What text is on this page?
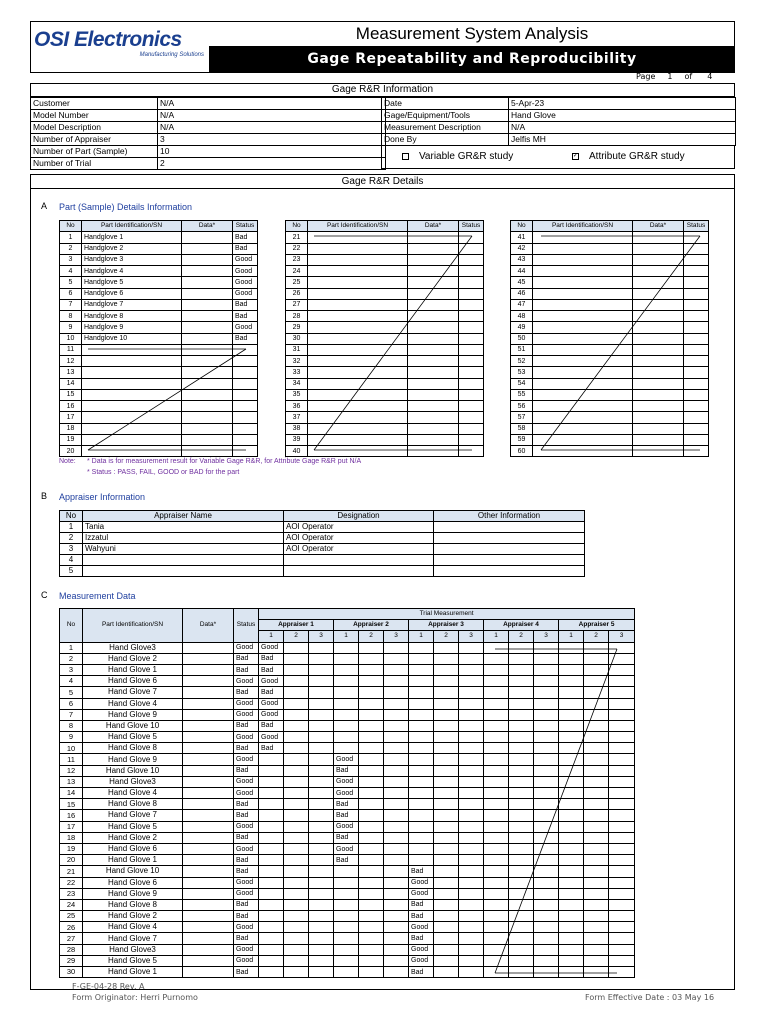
OSI Electronics
Manufacturing Solutions
Measurement System Analysis
Gage Repeatability and Reproducibility
Page 1 of 4
Gage R&R Information
Customer	N/A
Model Number	N/A
Model Description	N/A
Number of Appraiser	3
Number of Part (Sample)	10
Number of Trial	2
Date	5-Apr-23
Gage/Equipment/Tools	Hand Glove
Measurement Description	N/A
Done By	Jelfis MH
Variable GR&R study	✓ Attribute GR&R study
Gage R&R Details
A Part (Sample) Details Information
No	Part Identification/SN	Data*	Status
1	Handglove 1		Bad
2	Handglove 2		Bad
3	Handglove 3		Good
4	Handglove 4		Good
5	Handglove 5		Good
6	Handglove 6		Good
7	Handglove 7		Bad
8	Handglove 8		Bad
9	Handglove 9		Good
10	Handglove 10		Bad
11			
12			
13			
14			
15			
16			
17			
18			
19			
20			
No	Part Identification/SN	Data*	Status
21			
22			
23			
24			
25			
26			
27			
28			
29			
30			
31			
32			
33			
34			
35			
36			
37			
38			
39			
40			
No	Part Identification/SN	Data*	Status
41			
42			
43			
44			
45			
46			
47			
48			
49			
50			
51			
52			
53			
54			
55			
56			
57			
58			
59			
60			
Note: * Data is for measurement result for Variable Gage R&R, for Attribute Gage R&R put N/A
* Status : PASS, FAIL, GOOD or BAD for the part
B Appraiser Information
No	Appraiser Name	Designation	Other Information
1	Tania	AOI Operator	
2	Izzatul	AOI Operator	
3	Wahyuni	AOI Operator	
4			
5			
C Measurement Data
No	Part Identification/SN	Data*	Status	Trial Measurement														
				Appraiser 1			Appraiser 2			Appraiser 3			Appraiser 4			Appraiser 5		
				1	2	3	1	2	3	1	2	3	1	2	3	1	2	3
1	Hand Glove3		Good	Good														
2	Hand Glove 2		Bad	Bad														
3	Hand Glove 1		Bad	Bad														
4	Hand Glove 6		Good	Good														
5	Hand Glove 7		Bad	Bad														
6	Hand Glove 4		Good	Good														
7	Hand Glove 9		Good	Good														
8	Hand Glove 10		Bad	Bad														
9	Hand Glove 5		Good	Good														
10	Hand Glove 8		Bad	Bad														
11	Hand Glove 9		Good				Good											
12	Hand Glove 10		Bad				Bad											
13	Hand Glove3		Good				Good											
14	Hand Glove 4		Good				Good											
15	Hand Glove 8		Bad				Bad											
16	Hand Glove 7		Bad				Bad											
17	Hand Glove 5		Good				Good											
18	Hand Glove 2		Bad				Bad											
19	Hand Glove 6		Good				Good											
20	Hand Glove 1		Bad				Bad											
21	Hand Glove 10		Bad							Bad								
22	Hand Glove 6		Good							Good								
23	Hand Glove 9		Good							Good								
24	Hand Glove 8		Bad							Bad								
25	Hand Glove 2		Bad							Bad								
26	Hand Glove 4		Good							Good								
27	Hand Glove 7		Bad							Bad								
28	Hand Glove3		Good							Good								
29	Hand Glove 5		Good							Good								
30	Hand Glove 1		Bad							Bad								
F-GE-04-28 Rev. A
Form Originator: Herri Purnomo	Form Effective Date : 03 May 16
